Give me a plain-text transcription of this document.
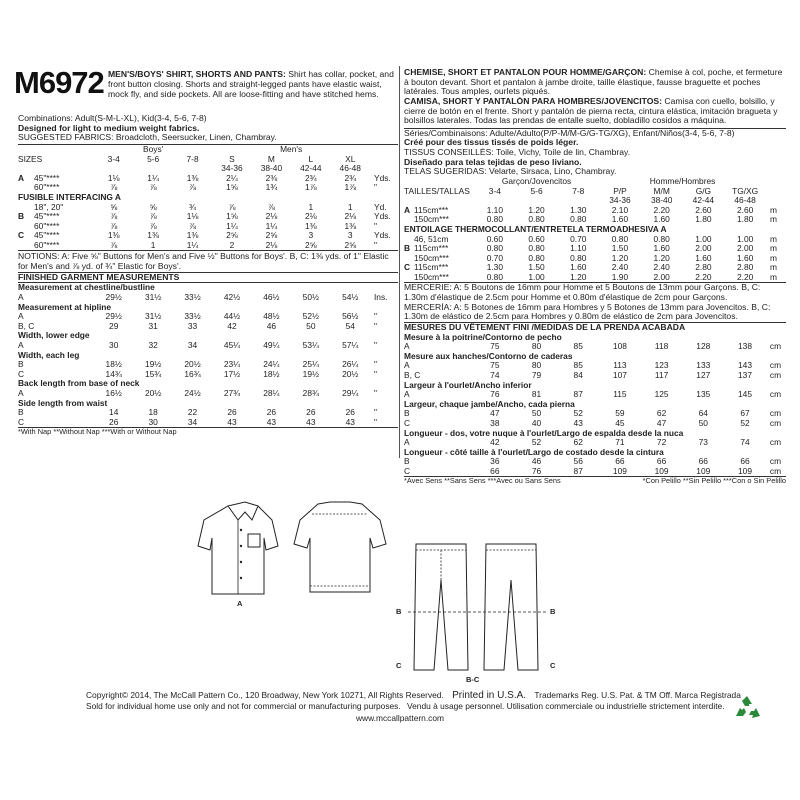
M6972 MEN'S/BOYS' SHIRT, SHORTS AND PANTS: Shirt has collar, pocket, and front button closing. Shorts and straight-legged pants have elastic waist, mock fly, and side pockets. All are loose-fitting and have stitched hems.

Combinations: Adult(S-M-L-XL), Kid(3-4, 5-6, 7-8)

Designed for light to medium weight fabrics.

SUGGESTED FABRICS: Broadcloth, Seersucker, Linen, Chambray.

		Boys'			Men's				
SIZES		3-4	5-6	7-8	S	M	L	XL	
					34-36	38-40	42-44	46-48	
A	45"****	1⅛	1¼	1⅜	2¼	2⅜	2¾	2¾	Yds.
	60"****	⅞	⅞	⅞	1⅝	1¾	1⅞	1⅞	"
FUSIBLE INTERFACING A									
	18", 20"	⅝	⅝	¾	⅞	⅞	1	1	Yd.
B	45"****	⅞	⅞	1⅛	1⅝	2⅛	2⅛	2⅛	Yds.
	60"****	⅞	⅞	⅞	1¼	1¼	1⅜	1⅜	"
C	45"****	1⅜	1⅜	1⅜	2⅝	2⅝	3	3	Yds.
	60"****	⅞	1	1¼	2	2⅛	2⅝	2⅝	"

NOTIONS: A: Five ⅝" Buttons for Men's and Five ½" Buttons for Boys'. B, C: 1⅜ yds. of 1" Elastic for Men's and ⅞ yd. of ¾" Elastic for Boys'.

FINISHED GARMENT MEASUREMENTS

Measurement at chestline/bustline								
A	29½	31½	33½	42½	46½	50½	54½	Ins.
Measurement at hipline								
A	29½	31½	33½	44½	48½	52½	56½	"
B, C	29	31	33	42	46	50	54	"
Width, lower edge								
A	30	32	34	45¼	49¼	53¼	57¼	"
Width, each leg								
B	18½	19½	20½	23¼	24¼	25¼	26¼	"
C	14¾	15¾	16¾	17½	18½	19½	20½	"
Back length from base of neck								
A	16½	20½	24½	27¾	28¼	28¾	29¼	"
Side length from waist								
B	14	18	22	26	26	26	26	"
C	26	30	34	43	43	43	43	"

*With Nap **Without Nap ***With or Without Nap

CHEMISE, SHORT ET PANTALON POUR HOMME/GARÇON: Chemise à col, poche, et fermeture à bouton devant. Short et pantalon à jambe droite, taille élastique, fausse braguette et poches latérales. Tous amples, ourlets piqués.

CAMISA, SHORT Y PANTALÓN PARA HOMBRES/JOVENCITOS: Camisa con cuello, bolsillo, y cierre de botón en el frente. Short y pantalón de pierna recta, cintura elástica, imitación bragueta y bolsillos laterales. Todas las prendas de entalle suelto, dobladillo cosidos a máquina.

Séries/Combinaisons: Adulte/Adulto(P/P-M/M-G/G-TG/XG), Enfant/Niños(3-4, 5-6, 7-8)

Créé pour des tissus tissés de poids léger.

TISSUS CONSEILLÉS: Toile, Vichy, Toile de lin, Chambray.

Diseñado para telas tejidas de peso liviano.

TELAS SUGERIDAS: Velarte, Sirsaca, Lino, Chambray.

		Garçon/Jovencitos			Homme/Hombres				
TAILLES/TALLAS		3-4	5-6	7-8	P/P	M/M	G/G	TG/XG	
					34-36	38-40	42-44	46-48	
A	115cm***	1.10	1.20	1.30	2.10	2.20	2.60	2.60	m
	150cm***	0.80	0.80	0.80	1.60	1.60	1.80	1.80	m
ENTOILAGE THERMOCOLLANT/ENTRETELA TERMOADHESIVA A									
	46, 51cm	0.60	0.60	0.70	0.80	0.80	1.00	1.00	m
B	115cm***	0.80	0.80	1.10	1.50	1.60	2.00	2.00	m
	150cm***	0.70	0.80	0.80	1.20	1.20	1.60	1.60	m
C	115cm***	1.30	1.50	1.60	2.40	2.40	2.80	2.80	m
	150cm***	0.80	1.00	1.20	1.90	2.00	2.20	2.20	m

MERCERIE: A: 5 Boutons de 16mm pour Homme et 5 Boutons de 13mm pour Garçons. B, C: 1.30m d'élastique de 2.5cm pour Homme et 0.80m d'élastique de 2cm pour Garçons.

MERCERÍA: A: 5 Botones de 16mm para Hombres y 5 Botones de 13mm para Jovencitos. B, C: 1.30m de elástico de 2.5cm para Hombres y 0.80m de elástico de 2cm para Jovencitos.

MESURES DU VÊTEMENT FINI /MEDIDAS DE LA PRENDA ACABADA

Mesure à la poitrine/Contorno de pecho								
A	75	80	85	108	118	128	138	cm
Mesure aux hanches/Contorno de caderas								
A	75	80	85	113	123	133	143	cm
B, C	74	79	84	107	117	127	137	cm
Largeur à l'ourlet/Ancho inferior								
A	76	81	87	115	125	135	145	cm
Largeur, chaque jambe/Ancho, cada pierna								
B	47	50	52	59	62	64	67	cm
C	38	40	43	45	47	50	52	cm
Longueur - dos, votre nuque à l'ourlet/Largo de espalda desde la nuca								
A	42	52	62	71	72	73	74	cm
Longueur - côté taille à l'ourlet/Largo de costado desde la cintura								
B	36	46	56	66	66	66	66	cm
C	66	76	87	109	109	109	109	cm
*Avec Sens **Sans Sens ***Avec ou Sans Sens	*Con Pelillo **Sin Pelillo ***Con o Sin Pelillo
A
B	B
C	C
B-C
Copyright© 2014, The McCall Pattern Co., 120 Broadway, New York 10271, All Rights Reserved. Printed in U.S.A. Trademarks Reg. U.S. Pat. & TM Off. Marca Registrada
Sold for individual home use only and not for commercial or manufacturing purposes. Vendu à usage personnel. Utilisation commerciale ou industrielle strictement interdite.
www.mccallpattern.com
